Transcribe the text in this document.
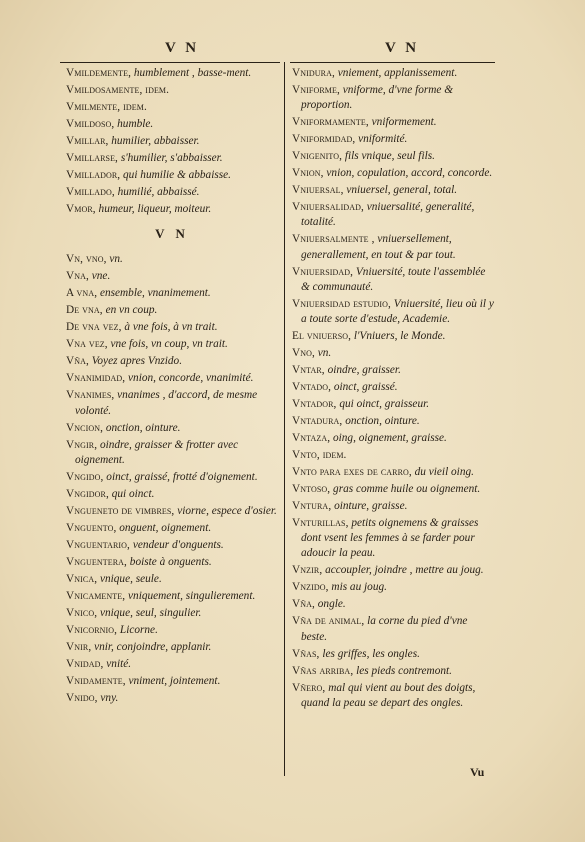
V N	V N

Vmildemente, humblement , basse-ment.

Vmildosamente, idem.

Vmilmente, idem.

Vmildoso, humble.

Vmillar, humilier, abbaisser.

Vmillarse, s'humilier, s'abbaisser.

Vmillador, qui humilie & abbaisse.

Vmillado, humilié, abbaissé.

Vmor, humeur, liqueur, moiteur.

V N

Vn, vno, vn.

Vna, vne.

A vna, ensemble, vnanimement.

De vna, en vn coup.

De vna vez, à vne fois, à vn trait.

Vna vez, vne fois, vn coup, vn trait.

Vña, Voyez apres Vnzido.

Vnanimidad, vnion, concorde, vnanimité.

Vnanimes, vnanimes , d'accord, de mesme volonté.

Vncion, onction, ointure.

Vngir, oindre, graisser & frotter avec oignement.

Vngido, oinct, graissé, frotté d'oignement.

Vngidor, qui oinct.

Vngueneto de vimbres, viorne, espece d'osier.

Vnguento, onguent, oignement.

Vnguentario, vendeur d'onguents.

Vnguentera, boiste à onguents.

Vnica, vnique, seule.

Vnicamente, vniquement, singulierement.

Vnico, vnique, seul, singulier.

Vnicornio, Licorne.

Vnir, vnir, conjoindre, applanir.

Vnidad, vnité.

Vnidamente, vniment, jointement.

Vnido, vny.

Vnidura, vniement, applanissement.

Vniforme, vniforme, d'vne forme & proportion.

Vniformamente, vniformement.

Vniformidad, vniformité.

Vnigenito, fils vnique, seul fils.

Vnion, vnion, copulation, accord, concorde.

Vniuersal, vniuersel, general, total.

Vniuersalidad, vniuersalité, generalité, totalité.

Vniuersalmente , vniuersellement, generallement, en tout & par tout.

Vniuersidad, Vniuersité, toute l'assemblée & communauté.

Vniuersidad estudio, Vniuersité, lieu où il y a toute sorte d'estude, Academie.

El vniuerso, l'Vniuers, le Monde.

Vno, vn.

Vntar, oindre, graisser.

Vntado, oinct, graissé.

Vntador, qui oinct, graisseur.

Vntadura, onction, ointure.

Vntaza, oing, oignement, graisse.

Vnto, idem.

Vnto para exes de carro, du vieil oing.

Vntoso, gras comme huile ou oignement.

Vntura, ointure, graisse.

Vnturillas, petits oignemens & graisses dont vsent les femmes à se farder pour adoucir la peau.

Vnzir, accoupler, joindre , mettre au joug.

Vnzido, mis au joug.

Vña, ongle.

Vña de animal, la corne du pied d'vne beste.

Vñas, les griffes, les ongles.

Vñas arriba, les pieds contremont.

Vñero, mal qui vient au bout des doigts, quand la peau se depart des ongles.

Vu
